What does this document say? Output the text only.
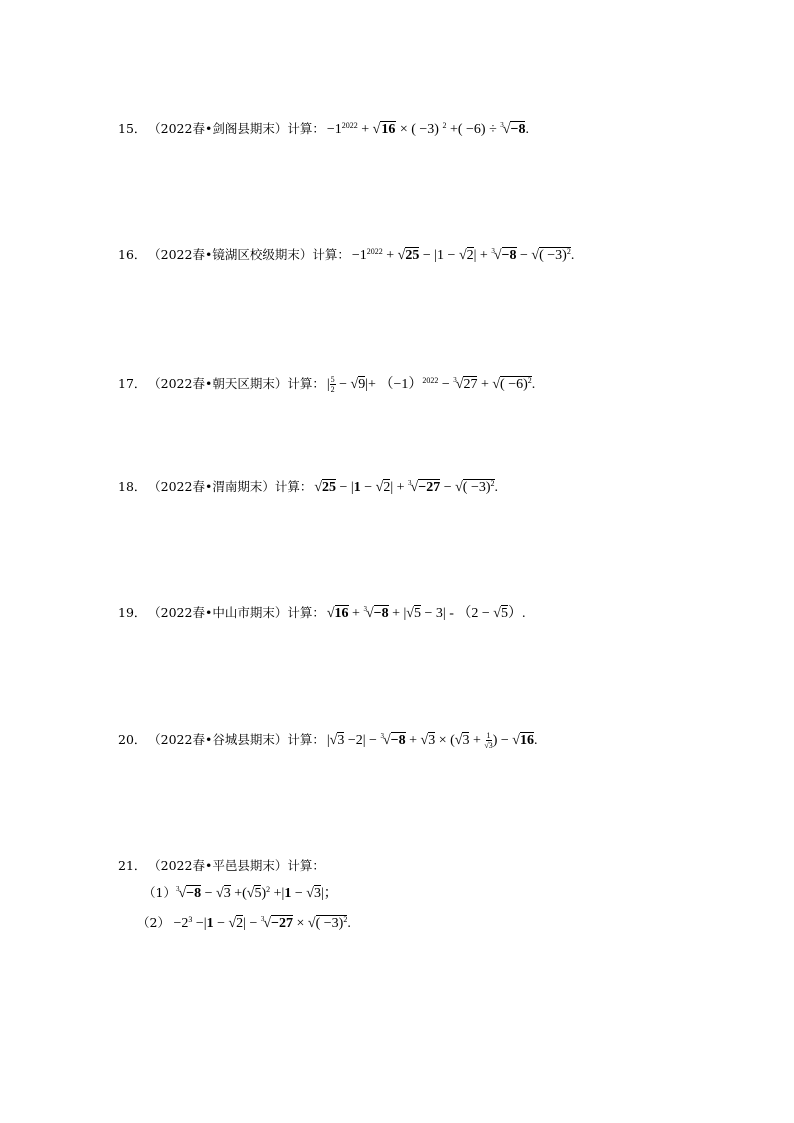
15． （2022春•剑阁县期末）计算： $-1^{2022} + √16$ × ( −3) $^2$ +( −6) ÷ $^3$√−8.
16． （2022春•镜湖区校级期末）计算： $-1^{2022} + √25 - |1 - √2| + ^3√-8$ − √( −3)$^2$.
17． （2022春•朝天区期末）计算： | $\frac{5}{2} - √9|+ (-1)^{2022} - ^3√27$ + √( −6)$^2$.
18． （2022春•渭南期末）计算： √25 − |1 − √2| + $^3$√−27 − √( −3)$^2$.
19． （2022春•中山市期末）计算： √16 + $^3$√−8 + |√5 − 3| - （2 − √5）.
20． （2022春•谷城县期末）计算： $|√3 -2| - ^3√-8 + √3 \times (√3 + \frac{1}{√3}$ ) − √16.
21． （2022春•平邑县期末）计算：
$(1)^3√-8 - √3 +(√5)^2 +|1 - √3|$；
$(2) -2^3 -|1 - √2| - ^3√-27$ × √( −3)$^2$.
